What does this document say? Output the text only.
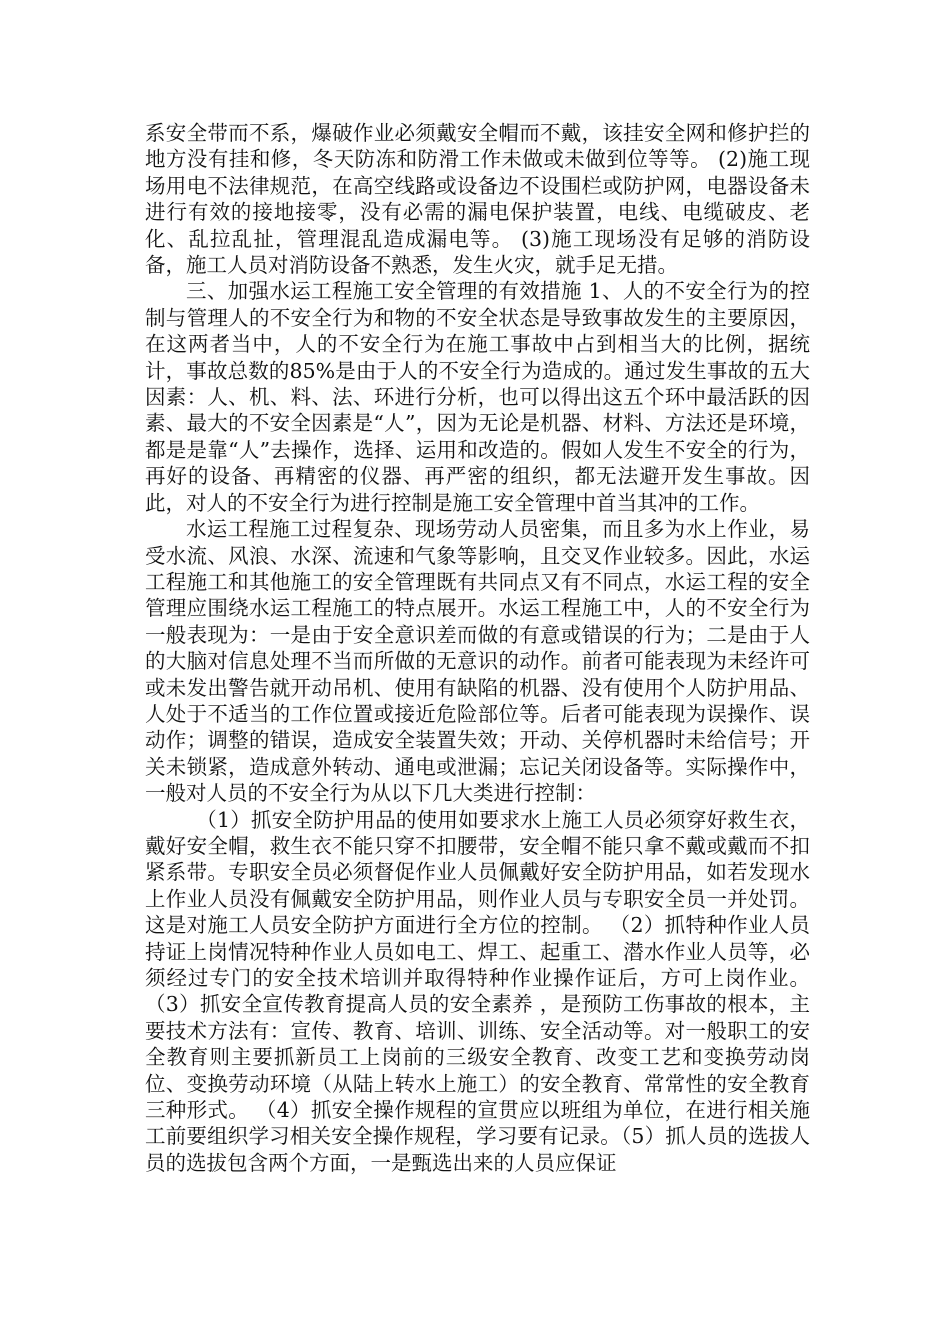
系安全带而不系，爆破作业必须戴安全帽而不戴，该挂安全网和修护拦的地方没有挂和修，冬天防冻和防滑工作未做或未做到位等等。 (2)施工现场用电不法律规范，在高空线路或设备边不设围栏或防护网，电器设备未进行有效的接地接零，没有必需的漏电保护装置，电线、电缆破皮、老化、乱拉乱扯，管理混乱造成漏电等。 (3)施工现场没有足够的消防设备，施工人员对消防设备不熟悉，发生火灾，就手足无措。

三、加强水运工程施工安全管理的有效措施 1、人的不安全行为的控制与管理人的不安全行为和物的不安全状态是导致事故发生的主要原因，在这两者当中，人的不安全行为在施工事故中占到相当大的比例，据统计，事故总数的85%是由于人的不安全行为造成的。通过发生事故的五大因素：人、机、料、法、环进行分析，也可以得出这五个环中最活跃的因素、最大的不安全因素是“人”，因为无论是机器、材料、方法还是环境，都是是靠“人”去操作，选择、运用和改造的。假如人发生不安全的行为，再好的设备、再精密的仪器、再严密的组织，都无法避开发生事故。因此，对人的不安全行为进行控制是施工安全管理中首当其冲的工作。

水运工程施工过程复杂、现场劳动人员密集，而且多为水上作业，易受水流、风浪、水深、流速和气象等影响，且交叉作业较多。因此，水运工程施工和其他施工的安全管理既有共同点又有不同点，水运工程的安全管理应围绕水运工程施工的特点展开。水运工程施工中，人的不安全行为一般表现为：一是由于安全意识差而做的有意或错误的行为；二是由于人的大脑对信息处理不当而所做的无意识的动作。前者可能表现为未经许可或未发出警告就开动吊机、使用有缺陷的机器、没有使用个人防护用品、人处于不适当的工作位置或接近危险部位等。后者可能表现为误操作、误动作；调整的错误，造成安全装置失效；开动、关停机器时未给信号；开关未锁紧，造成意外转动、通电或泄漏；忘记关闭设备等。实际操作中，一般对人员的不安全行为从以下几大类进行控制：

（1）抓安全防护用品的使用如要求水上施工人员必须穿好救生衣，戴好安全帽，救生衣不能只穿不扣腰带，安全帽不能只拿不戴或戴而不扣紧系带。专职安全员必须督促作业人员佩戴好安全防护用品，如若发现水上作业人员没有佩戴安全防护用品，则作业人员与专职安全员一并处罚。这是对施工人员安全防护方面进行全方位的控制。 （2）抓特种作业人员持证上岗情况特种作业人员如电工、焊工、起重工、潜水作业人员等，必须经过专门的安全技术培训并取得特种作业操作证后，方可上岗作业。 （3）抓安全宣传教育提高人员的安全素养 ，是预防工伤事故的根本，主要技术方法有：宣传、教育、培训、训练、安全活动等。对一般职工的安全教育则主要抓新员工上岗前的三级安全教育、改变工艺和变换劳动岗位、变换劳动环境（从陆上转水上施工）的安全教育、常常性的安全教育三种形式。 （4）抓安全操作规程的宣贯应以班组为单位，在进行相关施工前要组织学习相关安全操作规程，学习要有记录。（5）抓人员的选拔人员的选拔包含两个方面，一是甄选出来的人员应保证
